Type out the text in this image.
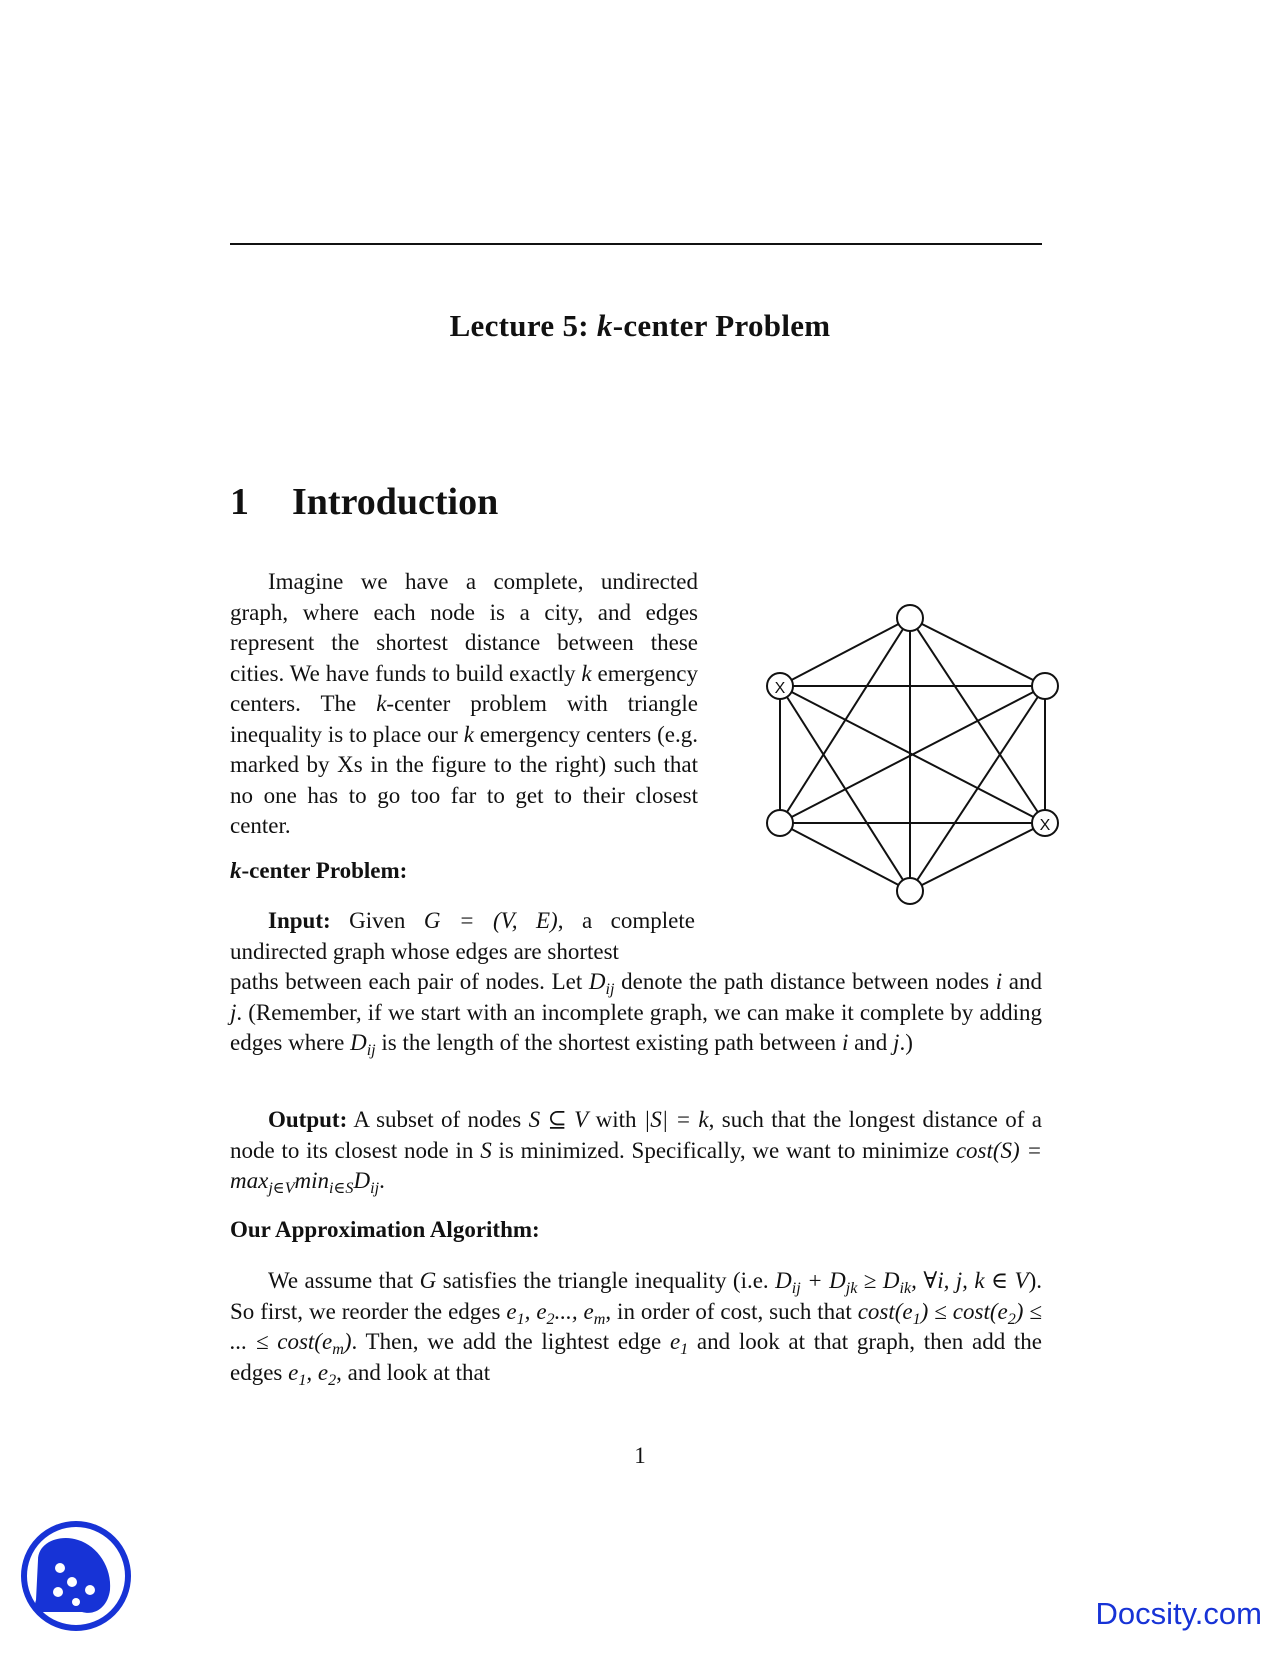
Lecture 5: k-center Problem
1 Introduction
Imagine we have a complete, undirected graph, where each node is a city, and edges represent the shortest distance between these cities. We have funds to build exactly k emergency centers. The k-center problem with triangle inequality is to place our k emergency centers (e.g. marked by Xs in the figure to the right) such that no one has to go too far to get to their closest center.
X
X
k-center Problem:
Input: Given G = (V, E), a complete undirected graph whose edges are shortest
paths between each pair of nodes. Let $D_{ij}$ denote the path distance between nodes i and j. (Remember, if we start with an incomplete graph, we can make it complete by adding edges where $D_{ij}$ is the length of the shortest existing path between i and j.)
Output: A subset of nodes S ⊆ V with |S| = k, such that the longest distance of a node to its closest node in S is minimized. Specifically, we want to minimize $\cos t(S) = \max_{j\in V}\min_{i\in S}D_{ij}$.
Our Approximation Algorithm:
We assume that G satisfies the triangle inequality (i.e. $D_{ij} + D_{jk} \ge D_{ik}$, ∀i, j, k ∈ V). So first, we reorder the edges $e_1$, $e_2$..., $e_m$, in order of cost, such that $\cos t(e_1) \le \cos t(e_2)$ ≤ ... ≤ $\cos t(e_m)$. Then, we add the lightest edge $e_1$ and look at that graph, then add the edges $e_1$, $e_2$, and look at that
1
Docsity.com
